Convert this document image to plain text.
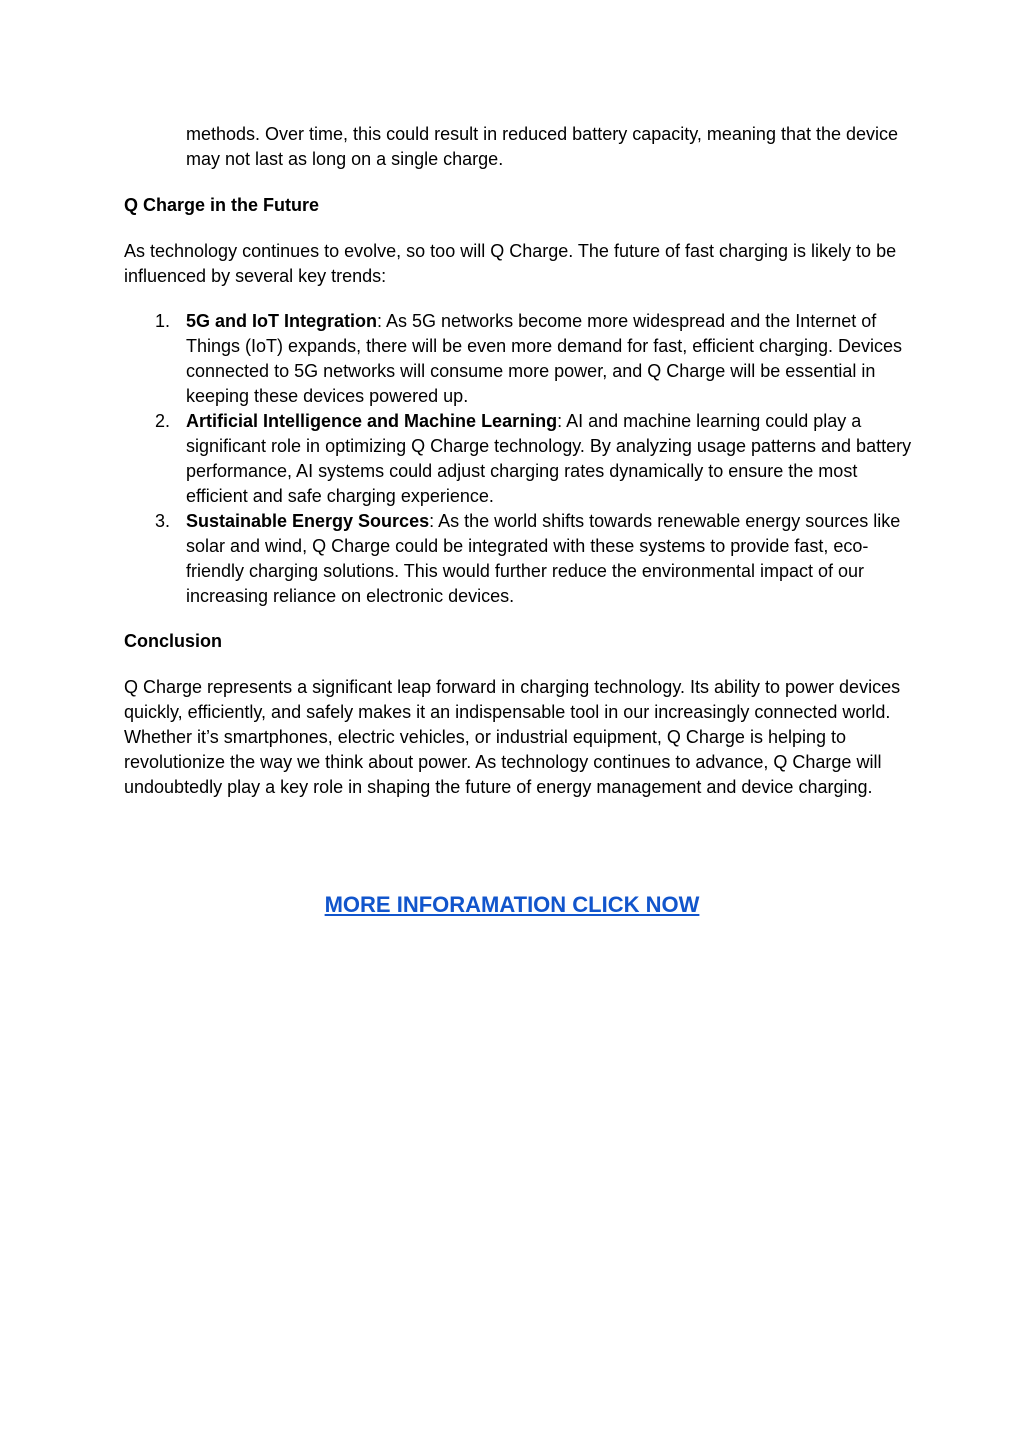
methods. Over time, this could result in reduced battery capacity, meaning that the device may not last as long on a single charge.

Q Charge in the Future

As technology continues to evolve, so too will Q Charge. The future of fast charging is likely to be influenced by several key trends:

1. 5G and IoT Integration: As 5G networks become more widespread and the Internet of Things (IoT) expands, there will be even more demand for fast, efficient charging. Devices connected to 5G networks will consume more power, and Q Charge will be essential in keeping these devices powered up.
2. Artificial Intelligence and Machine Learning: AI and machine learning could play a significant role in optimizing Q Charge technology. By analyzing usage patterns and battery performance, AI systems could adjust charging rates dynamically to ensure the most efficient and safe charging experience.
3. Sustainable Energy Sources: As the world shifts towards renewable energy sources like solar and wind, Q Charge could be integrated with these systems to provide fast, eco-friendly charging solutions. This would further reduce the environmental impact of our increasing reliance on electronic devices.
Conclusion

Q Charge represents a significant leap forward in charging technology. Its ability to power devices quickly, efficiently, and safely makes it an indispensable tool in our increasingly connected world. Whether it’s smartphones, electric vehicles, or industrial equipment, Q Charge is helping to revolutionize the way we think about power. As technology continues to advance, Q Charge will undoubtedly play a key role in shaping the future of energy management and device charging.

MORE INFORAMATION CLICK NOW
